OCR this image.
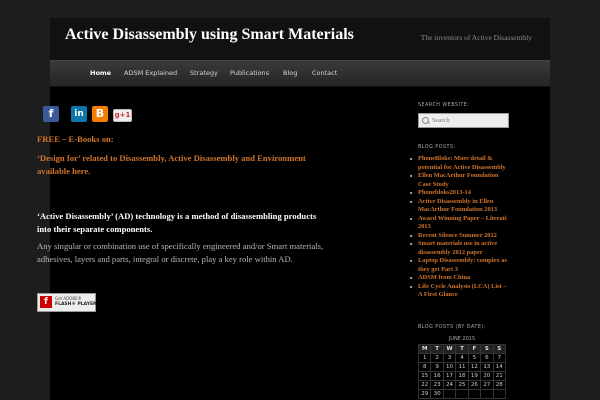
Active Disassembly using Smart Materials	The inventors of Active Disassembly
Home ADSM Explained Strategy Publications Blog Contact
f	in	B	g+1
FREE – E-Books on:
‘Design for’ related to Disassembly, Active Disassembly and Environment available here.
‘Active Disassembly’ (AD) technology is a method of disassembling products into their separate components.
Any singular or combination use of specifically engineered and/or Smart materials, adhesives, layers and parts, integral or discrete, play a key role within AD.
f	Get ADOBE®
FLASH® PLAYER
SEARCH WEBSITE:
Search
BLOG POSTS:
■ PhoneBloks: More detail & potential for Active Disassembly
■ Ellen MacArthur Foundation Case Study
■ Phonebloks2013-14
■ Active Disassembly in Ellen MacArthur Foundation 2013
■ Award Winning Paper – Literati 2013
■ Recent Silence Summer 2012
■ Smart materials use in active disassembly 2012 paper
■ Laptop Disassembly: complex as they get Part 3
■ ADSM from China
■ Life Cycle Analysis (LCA) List – A First Glance
BLOG POSTS (BY DATE):
JUNE 2015
M	T	W	T	F	S	S
1	2	3	4	5	6	7
8	9	10	11	12	13	14
15	16	17	18	19	20	21
22	23	24	25	26	27	28
29	30					
